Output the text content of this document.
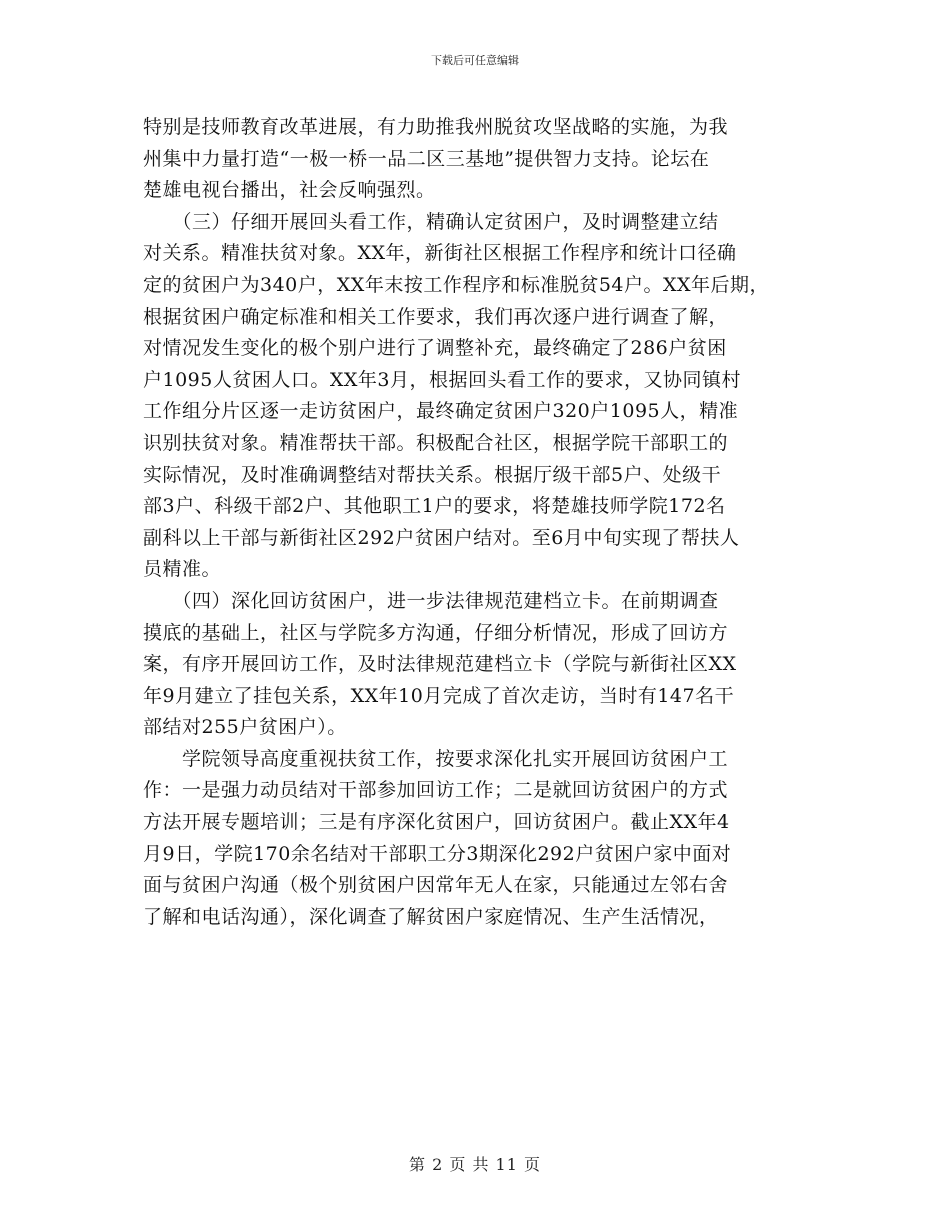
下载后可任意编辑
特别是技师教育改革进展，有力助推我州脱贫攻坚战略的实施，为我
州集中力量打造“一极一桥一品二区三基地”提供智力支持。论坛在
楚雄电视台播出，社会反响强烈。
　　（三）仔细开展回头看工作，精确认定贫困户，及时调整建立结
对关系。精准扶贫对象。XX年，新街社区根据工作程序和统计口径确
定的贫困户为340户，XX年末按工作程序和标准脱贫54户。XX年后期，
根据贫困户确定标准和相关工作要求，我们再次逐户进行调查了解，
对情况发生变化的极个别户进行了调整补充，最终确定了286户贫困
户1095人贫困人口。XX年3月，根据回头看工作的要求，又协同镇村
工作组分片区逐一走访贫困户，最终确定贫困户320户1095人，精准
识别扶贫对象。精准帮扶干部。积极配合社区，根据学院干部职工的
实际情况，及时准确调整结对帮扶关系。根据厅级干部5户、处级干
部3户、科级干部2户、其他职工1户的要求，将楚雄技师学院172名
副科以上干部与新街社区292户贫困户结对。至6月中旬实现了帮扶人
员精准。
　　（四）深化回访贫困户，进一步法律规范建档立卡。在前期调查
摸底的基础上，社区与学院多方沟通，仔细分析情况，形成了回访方
案，有序开展回访工作，及时法律规范建档立卡（学院与新街社区XX
年9月建立了挂包关系，XX年10月完成了首次走访，当时有147名干
部结对255户贫困户）。
　　学院领导高度重视扶贫工作，按要求深化扎实开展回访贫困户工
作：一是强力动员结对干部参加回访工作；二是就回访贫困户的方式
方法开展专题培训；三是有序深化贫困户，回访贫困户。截止XX年4
月9日，学院170余名结对干部职工分3期深化292户贫困户家中面对
面与贫困户沟通（极个别贫困户因常年无人在家，只能通过左邻右舍
了解和电话沟通），深化调查了解贫困户家庭情况、生产生活情况，
第 2 页 共 11 页
